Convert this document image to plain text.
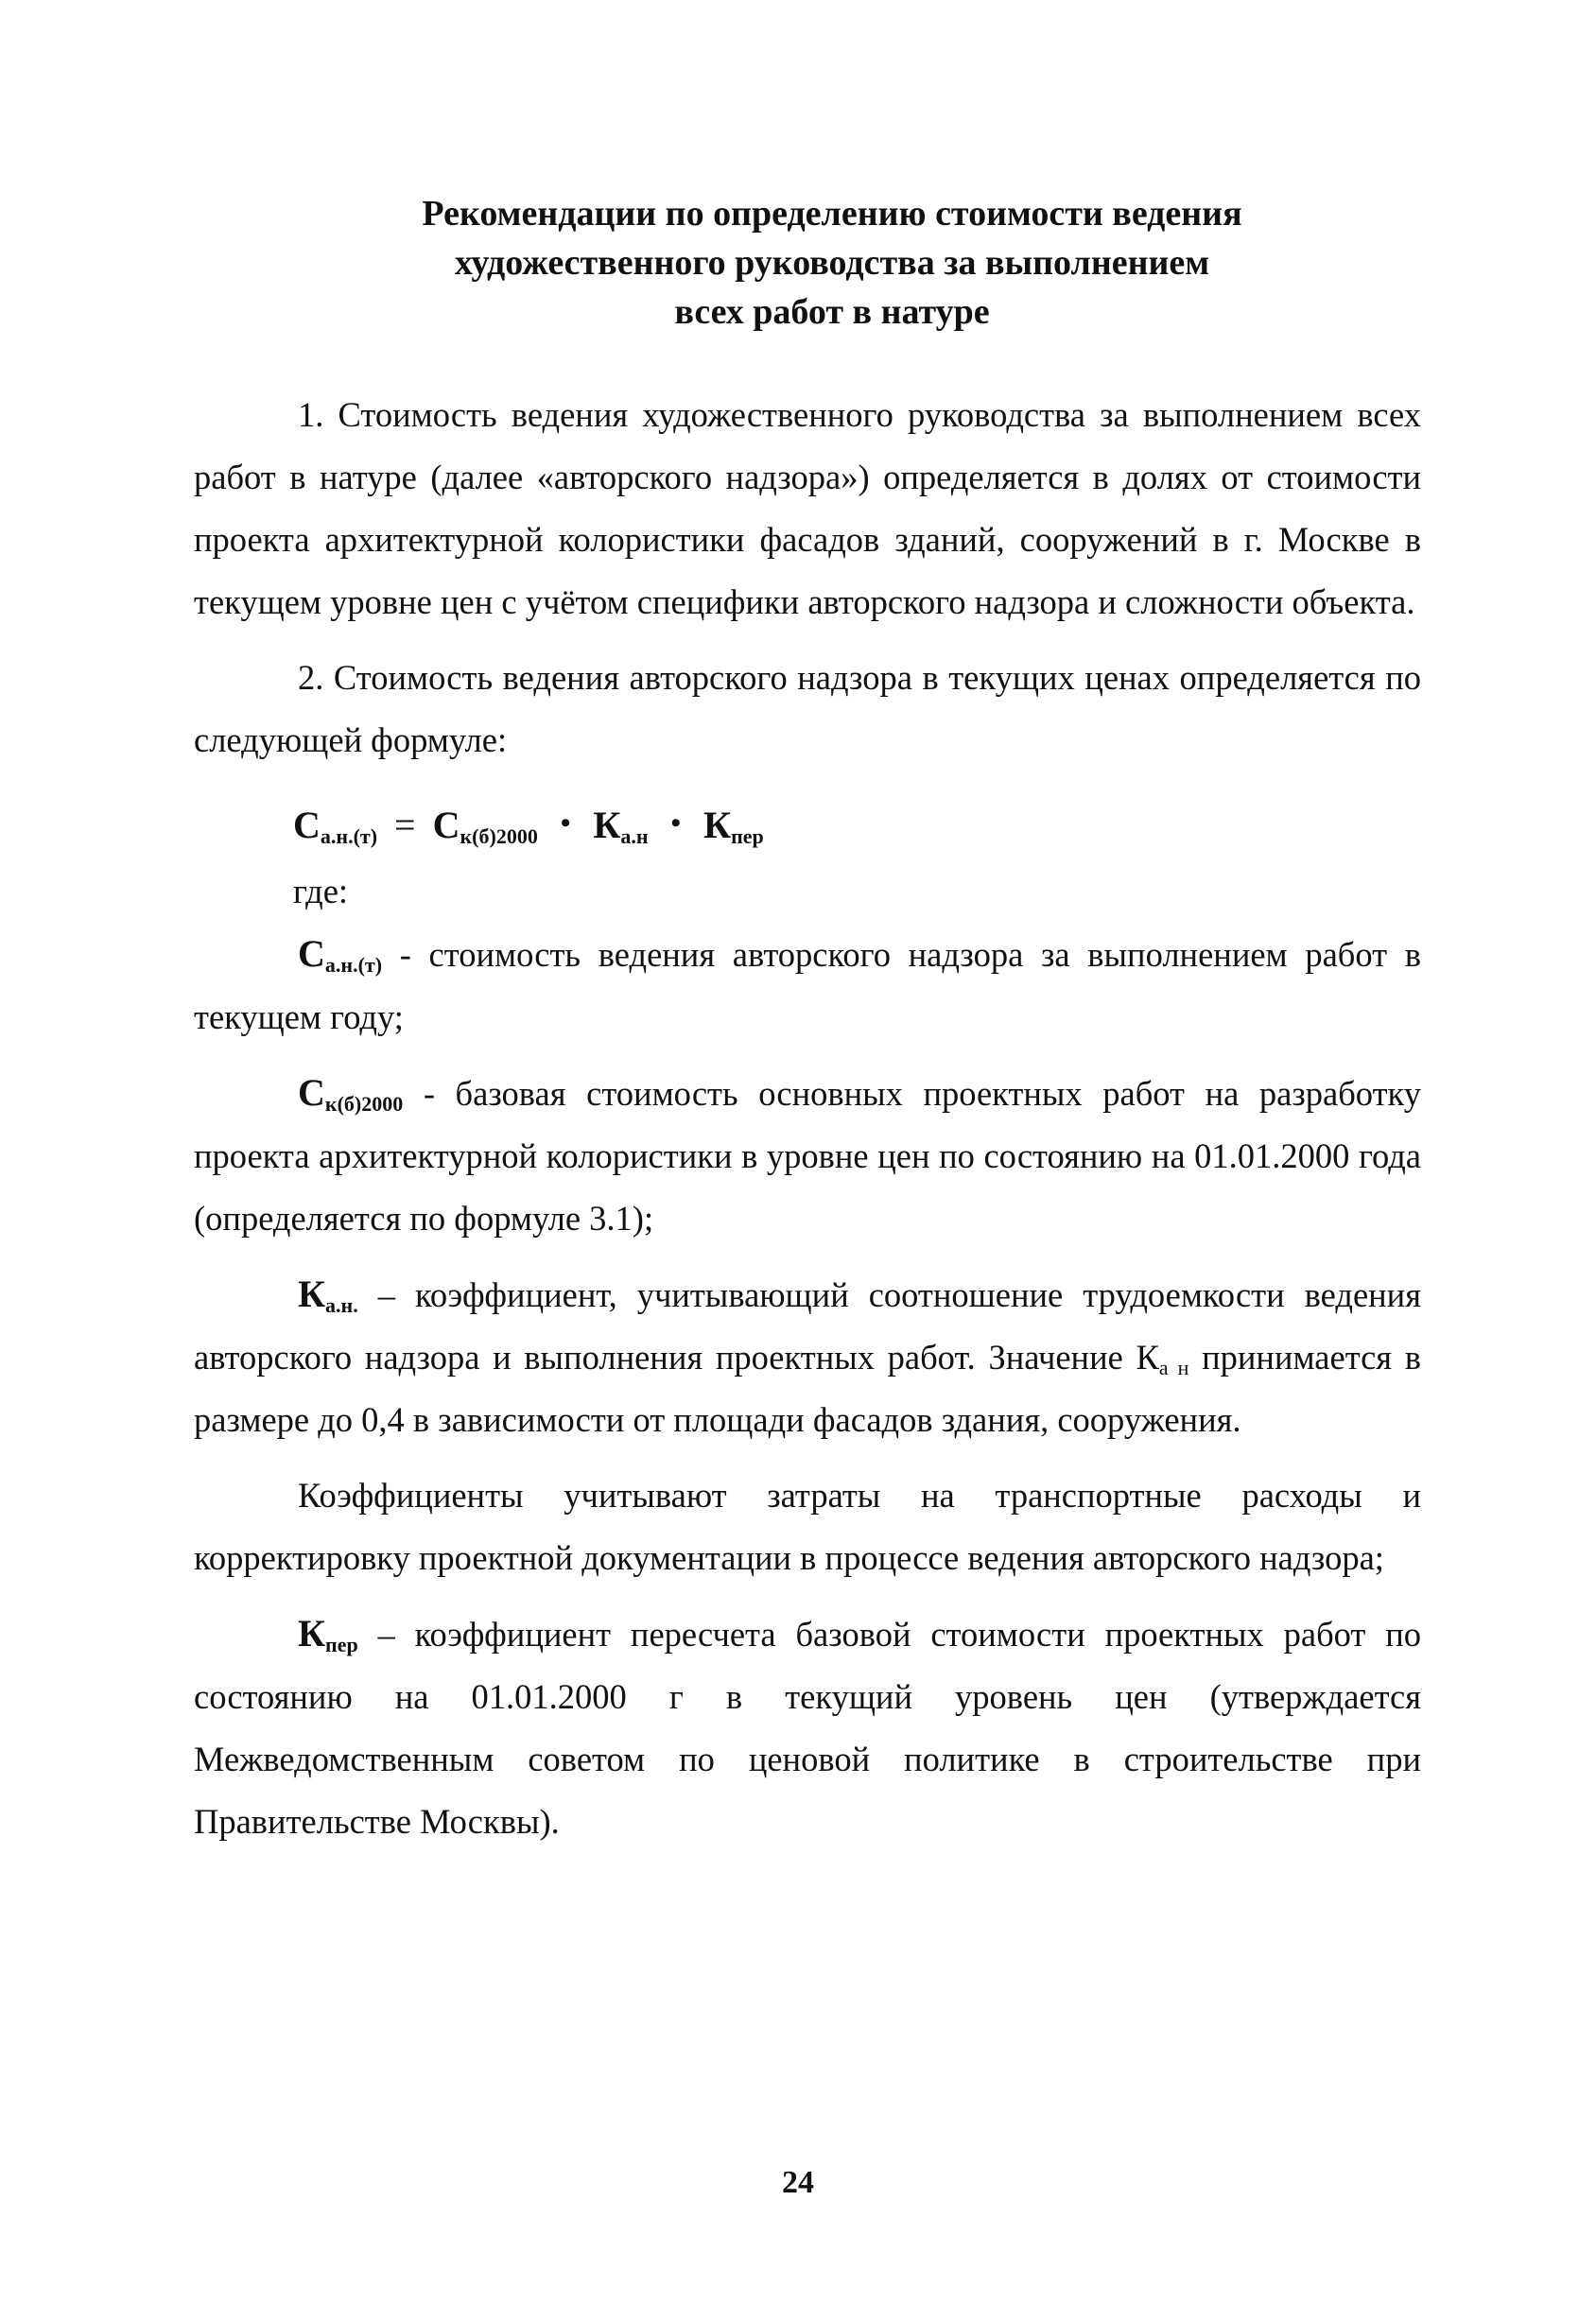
Рекомендации по определению стоимости ведения
художественного руководства за выполнением
всех работ в натуре

1. Стоимость ведения художественного руководства за выполнением всех работ в натуре (далее «авторского надзора») определяется в долях от стоимости проекта архитектурной колористики фасадов зданий, сооружений в г. Москве в текущем уровне цен с учётом специфики авторского надзора и сложности объекта.

2. Стоимость ведения авторского надзора в текущих ценах определяется по следующей формуле:

$С_{а.н.(т)} = С_{к(б)2000}$ • $К_{а.н}$ • $К_{пер}$
где:

$С_{а.н.(т)}$ - стоимость ведения авторского надзора за выполнением работ в текущем году;

$С_{к(б)2000}$ - базовая стоимость основных проектных работ на разработку проекта архитектурной колористики в уровне цен по состоянию на 01.01.2000 года (определяется по формуле 3.1);

$К_{а.н.}$ – коэффициент, учитывающий соотношение трудоемкости ведения авторского надзора и выполнения проектных работ. Значение $К_{а н}$ принимается в размере до 0,4 в зависимости от площади фасадов здания, сооружения.

Коэффициенты учитывают затраты на транспортные расходы и корректировку проектной документации в процессе ведения авторского надзора;

$К_{пер}$ – коэффициент пересчета базовой стоимости проектных работ по состоянию на 01.01.2000 г в текущий уровень цен (утверждается Межведомственным советом по ценовой политике в строительстве при Правительстве Москвы).

24
